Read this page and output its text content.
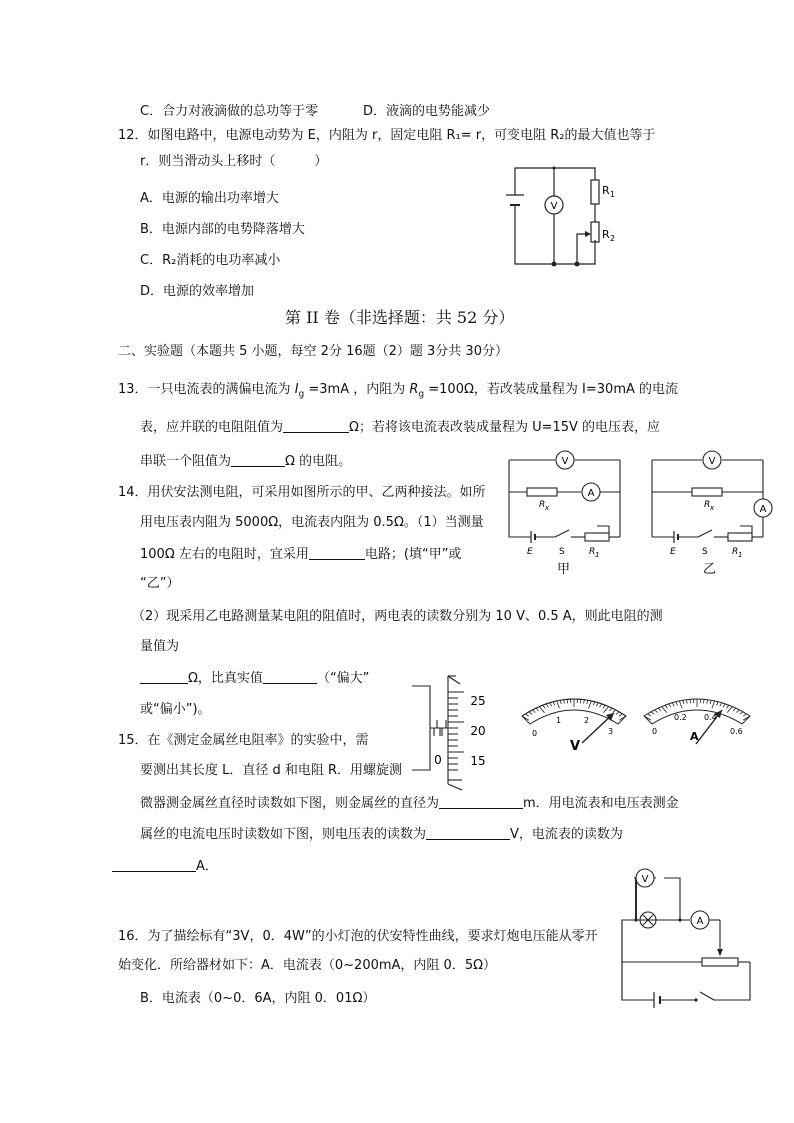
C．合力对液滴做的总功等于零	D．液滴的电势能减少
12．如图电路中，电源电动势为 E，内阻为 r，固定电阻 R₁= r，可变电阻 R₂的最大值也等于
r．则当滑动头上移时（　　　）
A．电源的输出功率增大
B．电源内部的电势降落增大
C．R₂消耗的电功率减小
D．电源的效率增加
V
R 1
R 2
第 II 卷（非选择题：共 52 分）
二、实验题（本题共 5 小题，每空 2分 16题（2）题 3分共 30分）
13．一只电流表的满偏电流为 $I_g =3mA$ ，内阻为 $R_g =100\Omega$，若改装成量程为 I=30mA 的电流
表，应并联的电阻阻值为	Ω；若将该电流表改装成量程为 U=15V 的电压表，应
串联一个阻值为	Ω 的电阻。
14．用伏安法测电阻，可采用如图所示的甲、乙两种接法。如所
用电压表内阻为 5000Ω，电流表内阻为 0.5Ω。（1）当测量
100Ω 左右的电阻时，宜采用	电路；(填“甲”或
“乙”）
（2）现采用乙电路测量某电阻的阻值时，两电表的读数分别为 10 V、0.5 A，则此电阻的测
量值为
Ω，比真实值	（“偏大”
或“偏小”)。
V
A
R x
E	S	R 1
甲
V
A
R x
E	S	R 1
乙
15．在《测定金属丝电阻率》的实验中，需
要测出其长度 L．直径 d 和电阻 R．用螺旋测
微器测金属丝直径时读数如下图，则金属丝的直径为	m．用电流表和电压表测金
属丝的电流电压时读数如下图，则电压表的读数为	V，电流表的读数为
A．
25
20
15
0
0
1	2
3
V
0
0.2 0.4
0.6
A
16．为了描绘标有“3V，0．4W”的小灯泡的伏安特性曲线，要求灯炮电压能从零开
始变化．所给器材如下：A．电流表（0~200mA，内阻 0．5Ω）
B．电流表（0~0．6A，内阻 0．01Ω）
V
A
